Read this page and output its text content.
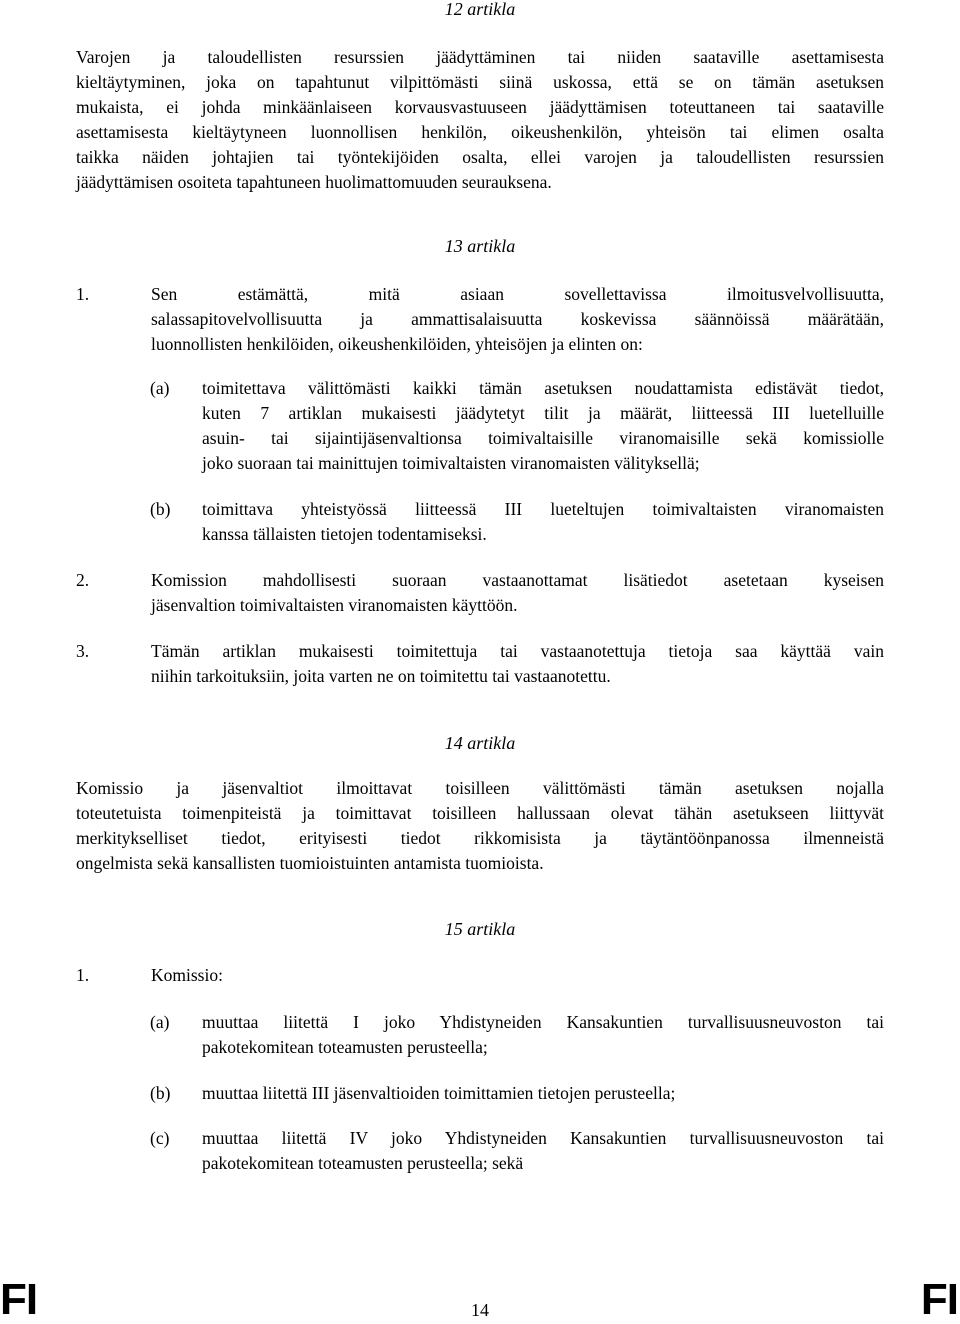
12 artikla
Varojen ja taloudellisten resurssien jäädyttäminen tai niiden saataville asettamisesta
kieltäytyminen, joka on tapahtunut vilpittömästi siinä uskossa, että se on tämän asetuksen
mukaista, ei johda minkäänlaiseen korvausvastuuseen jäädyttämisen toteuttaneen tai saataville
asettamisesta kieltäytyneen luonnollisen henkilön, oikeushenkilön, yhteisön tai elimen osalta
taikka näiden johtajien tai työntekijöiden osalta, ellei varojen ja taloudellisten resurssien
jäädyttämisen osoiteta tapahtuneen huolimattomuuden seurauksena.
13 artikla
1.	Sen estämättä, mitä asiaan sovellettavissa ilmoitusvelvollisuutta,
salassapitovelvollisuutta ja ammattisalaisuutta koskevissa säännöissä määrätään,
luonnollisten henkilöiden, oikeushenkilöiden, yhteisöjen ja elinten on:
(a) toimitettava välittömästi kaikki tämän asetuksen noudattamista edistävät tiedot,
kuten 7 artiklan mukaisesti jäädytetyt tilit ja määrät, liitteessä III luetelluille
asuin- tai sijaintijäsenvaltionsa toimivaltaisille viranomaisille sekä komissiolle
joko suoraan tai mainittujen toimivaltaisten viranomaisten välityksellä;
(b) toimittava yhteistyössä liitteessä III lueteltujen toimivaltaisten viranomaisten
kanssa tällaisten tietojen todentamiseksi.
2.	Komission mahdollisesti suoraan vastaanottamat lisätiedot asetetaan kyseisen
jäsenvaltion toimivaltaisten viranomaisten käyttöön.
3.	Tämän artiklan mukaisesti toimitettuja tai vastaanotettuja tietoja saa käyttää vain
niihin tarkoituksiin, joita varten ne on toimitettu tai vastaanotettu.
14 artikla
Komissio ja jäsenvaltiot ilmoittavat toisilleen välittömästi tämän asetuksen nojalla
toteutetuista toimenpiteistä ja toimittavat toisilleen hallussaan olevat tähän asetukseen liittyvät
merkitykselliset tiedot, erityisesti tiedot rikkomisista ja täytäntöönpanossa ilmenneistä
ongelmista sekä kansallisten tuomioistuinten antamista tuomioista.
15 artikla
1.	Komissio:
(a) muuttaa liitettä I joko Yhdistyneiden Kansakuntien turvallisuusneuvoston tai
pakotekomitean toteamusten perusteella;
(b) muuttaa liitettä III jäsenvaltioiden toimittamien tietojen perusteella;
(c) muuttaa liitettä IV joko Yhdistyneiden Kansakuntien turvallisuusneuvoston tai
pakotekomitean toteamusten perusteella; sekä
FI	14	FI
